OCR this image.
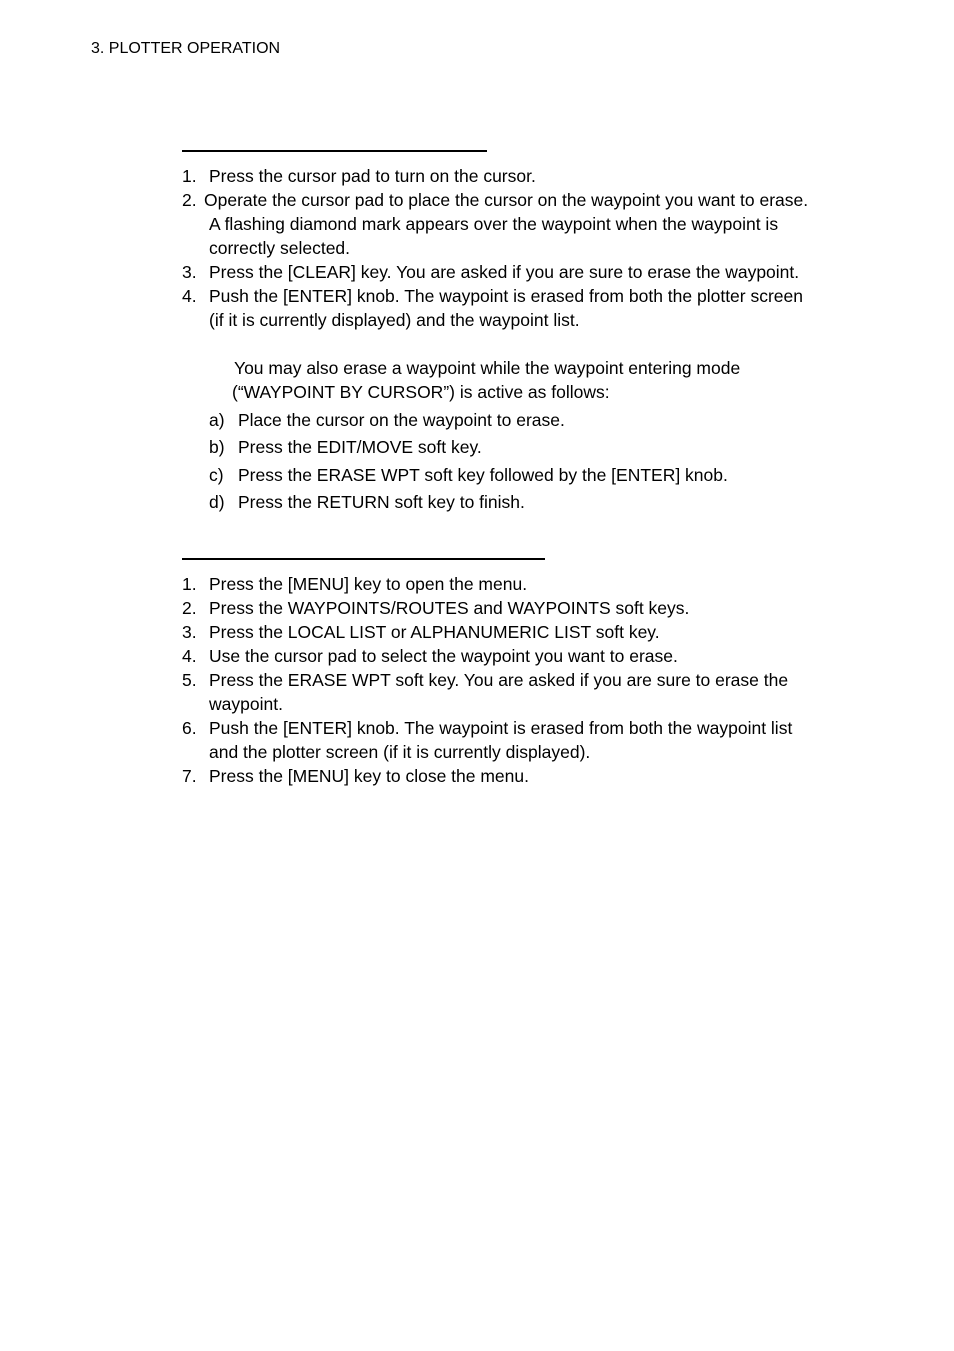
3. PLOTTER OPERATION
1. Press the cursor pad to turn on the cursor.
2. Operate the cursor pad to place the cursor on the waypoint you want to erase.
A flashing diamond mark appears over the waypoint when the waypoint is
correctly selected.
3. Press the [CLEAR] key. You are asked if you are sure to erase the waypoint.
4. Push the [ENTER] knob. The waypoint is erased from both the plotter screen
(if it is currently displayed) and the waypoint list.
You may also erase a waypoint while the waypoint entering mode
(“WAYPOINT BY CURSOR”) is active as follows:
a) Place the cursor on the waypoint to erase.
b) Press the EDIT/MOVE soft key.
c) Press the ERASE WPT soft key followed by the [ENTER] knob.
d) Press the RETURN soft key to finish.
1. Press the [MENU] key to open the menu.
2. Press the WAYPOINTS/ROUTES and WAYPOINTS soft keys.
3. Press the LOCAL LIST or ALPHANUMERIC LIST soft key.
4. Use the cursor pad to select the waypoint you want to erase.
5. Press the ERASE WPT soft key. You are asked if you are sure to erase the
waypoint.
6. Push the [ENTER] knob. The waypoint is erased from both the waypoint list
and the plotter screen (if it is currently displayed).
7. Press the [MENU] key to close the menu.
